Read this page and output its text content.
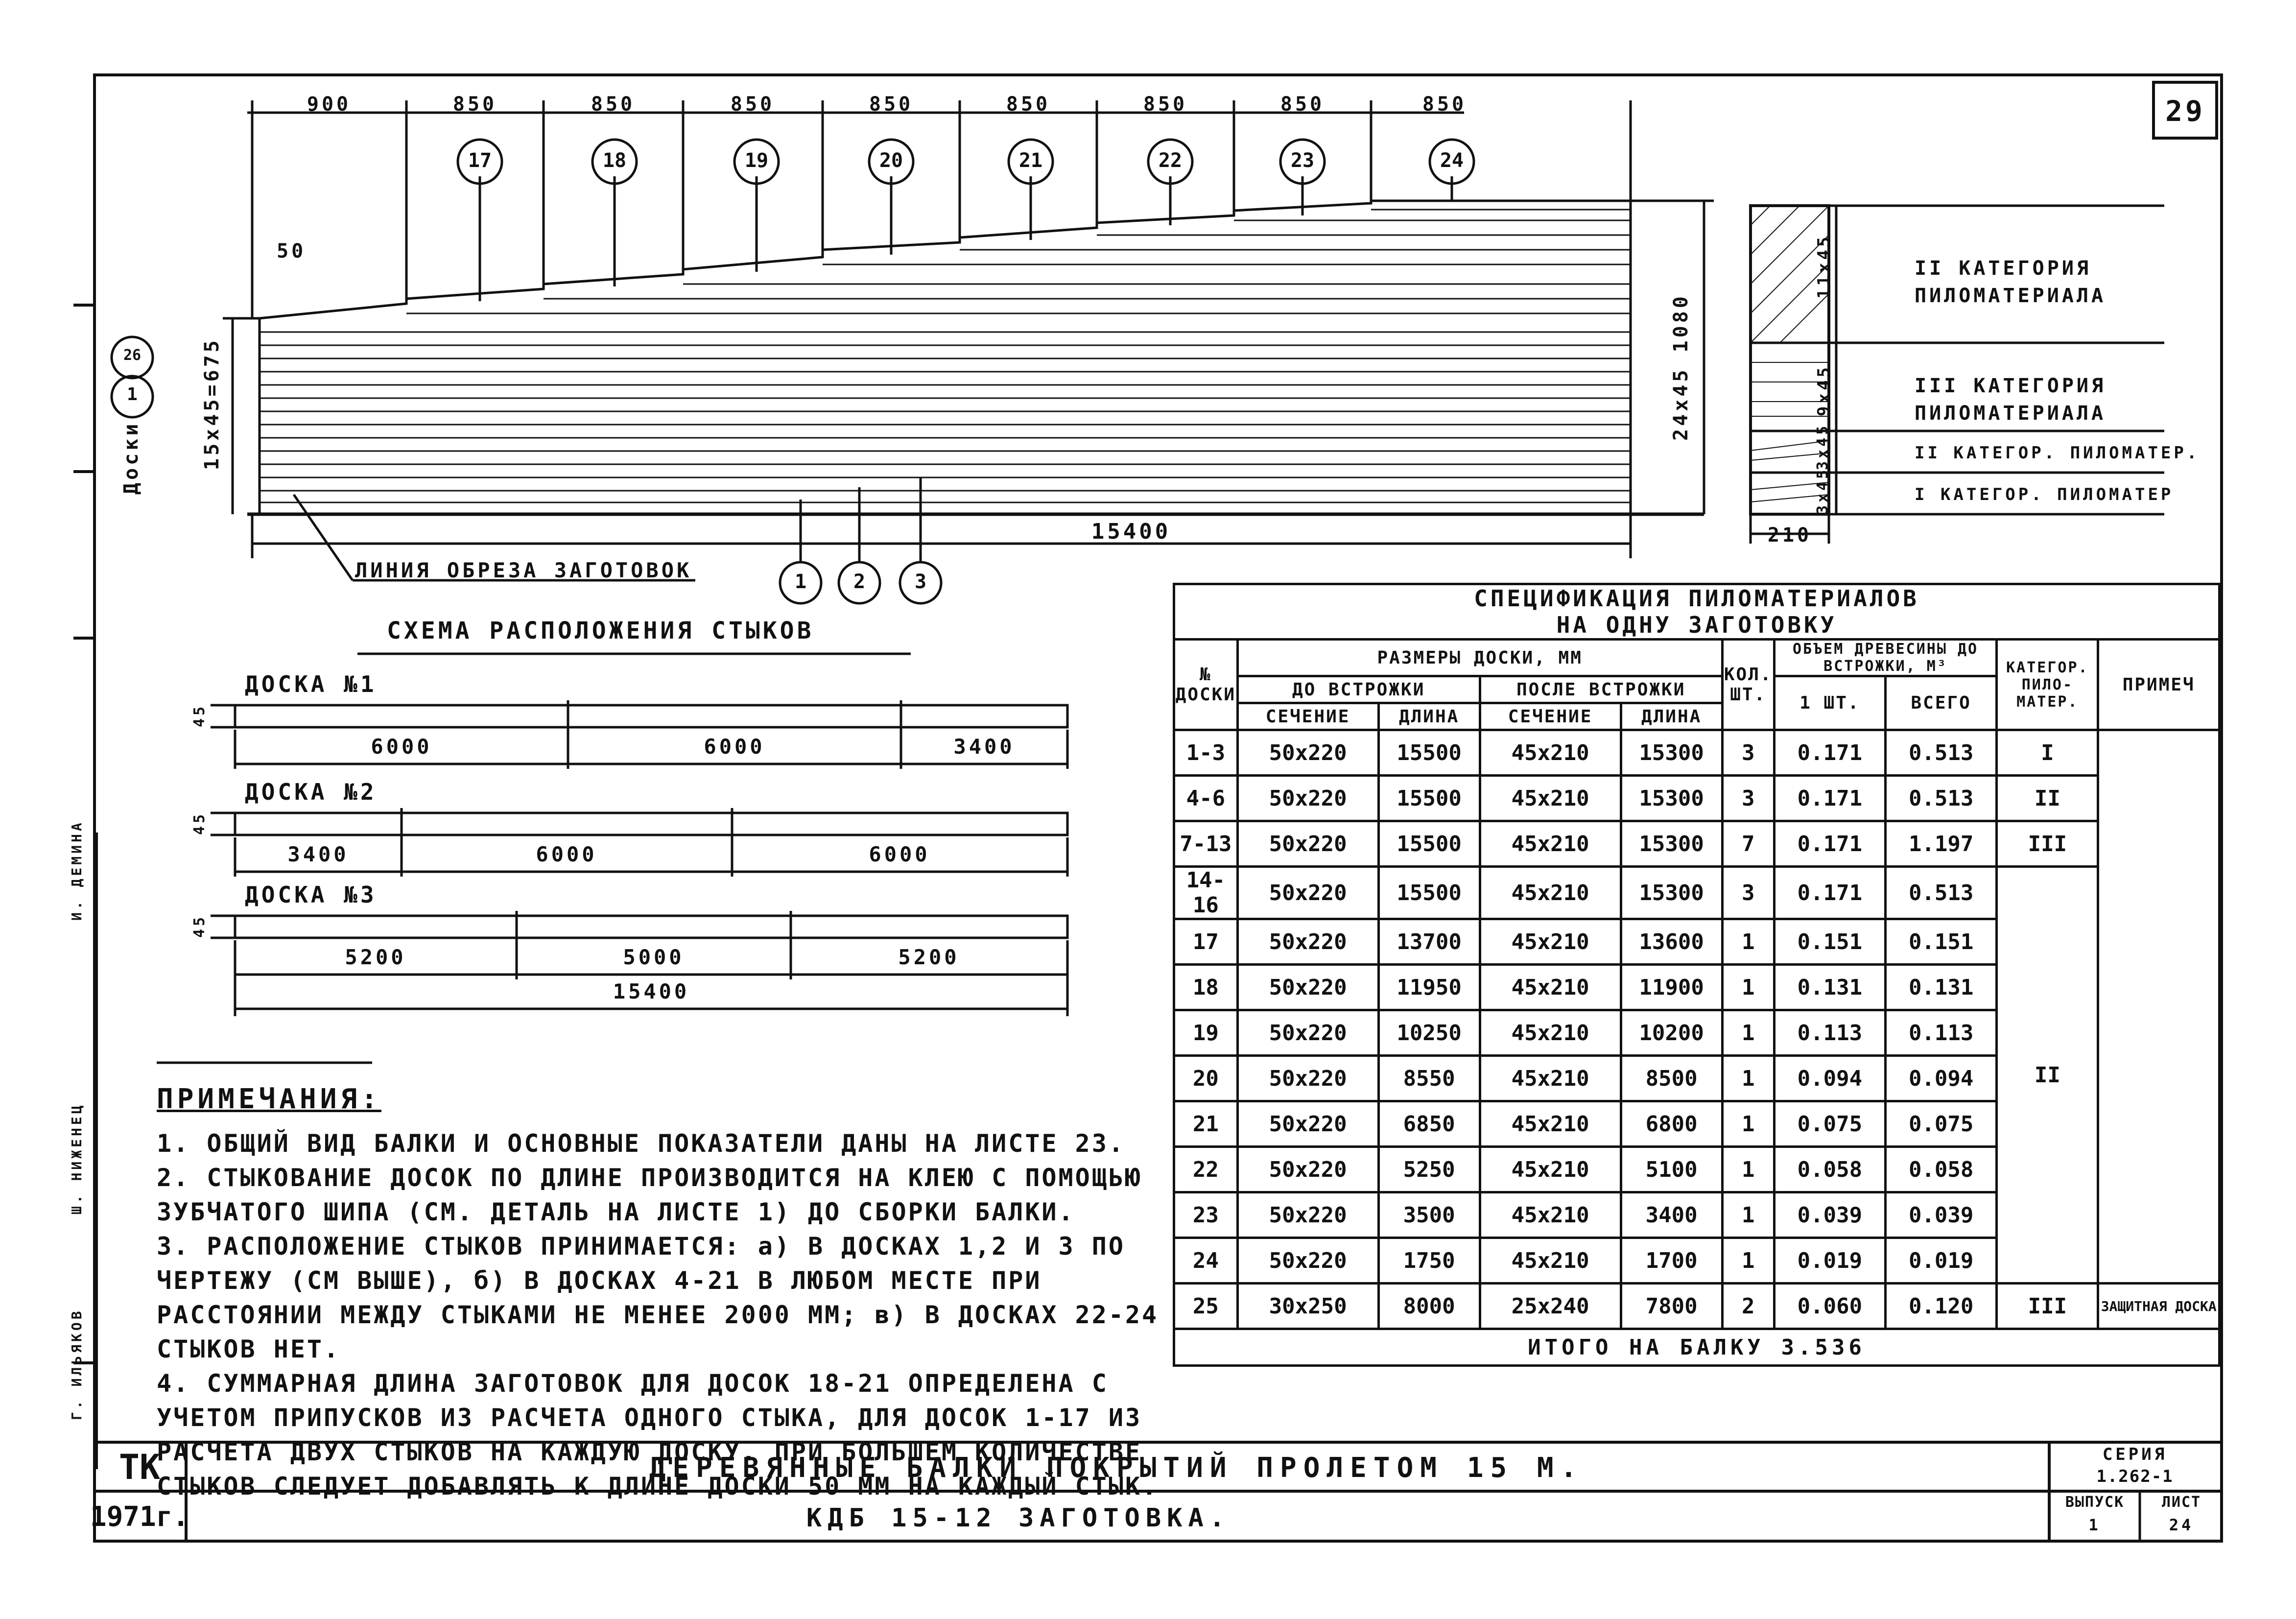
29
И. ДЕМИНА
Ш. НИЖЕНЕЦ
Г. ИЛЬЯКОВ
900	850	850	850	850	850	850	850	850
17	18	19	20	21	22	23	24
50
15x45=675	24x45 1080
15400
Доски
1
26
1 2	3
ЛИНИЯ ОБРЕЗА ЗАГОТОВОК
210
11x45
9x45
3x45
3x45
II КАТЕГОРИЯ ПИЛОМАТЕРИАЛА
III КАТЕГОРИЯ ПИЛОМАТЕРИАЛА
II КАТЕГОР. ПИЛОМАТЕР.
I КАТЕГОР. ПИЛОМАТЕР
СХЕМА РАСПОЛОЖЕНИЯ СТЫКОВ
ДОСКА №1
45
6000	6000	3400
ДОСКА №2
45
3400	6000	6000
ДОСКА №3
45
5200	5000	5200
15400
СПЕЦИФИКАЦИЯ ПИЛОМАТЕРИАЛОВ									
НА ОДНУ ЗАГОТОВКУ									
№ ДОСКИ	РАЗМЕРЫ ДОСКИ, ММ				КОЛ. ШТ.	ОБЪЕМ ДРЕВЕСИНЫ ДО ВСТРОЖКИ, М³		КАТЕГОР. ПИЛО- МАТЕР.	ПРИМЕЧ
	ДО ВСТРОЖКИ		ПОСЛЕ ВСТРОЖКИ			1 ШТ.	ВСЕГО		
	СЕЧЕНИЕ	ДЛИНА	СЕЧЕНИЕ	ДЛИНА					
1-3	50x220	15500	45x210	15300	3	0.171	0.513	I	
4-6	50x220	15500	45x210	15300	3	0.171	0.513	II	
7-13	50x220	15500	45x210	15300	7	0.171	1.197	III	
14-16	50x220	15500	45x210	15300	3	0.171	0.513	II	
17	50x220	13700	45x210	13600	1	0.151	0.151		
18	50x220	11950	45x210	11900	1	0.131	0.131		
19	50x220	10250	45x210	10200	1	0.113	0.113		
20	50x220	8550	45x210	8500	1	0.094	0.094		
21	50x220	6850	45x210	6800	1	0.075	0.075		
22	50x220	5250	45x210	5100	1	0.058	0.058		
23	50x220	3500	45x210	3400	1	0.039	0.039		
24	50x220	1750	45x210	1700	1	0.019	0.019		
25	30x250	8000	25x240	7800	2	0.060	0.120	III	ЗАЩИТНАЯ ДОСКА
ИТОГО НА БАЛКУ 3.536									
ПРИМЕЧАНИЯ:

1. ОБЩИЙ ВИД БАЛКИ И ОСНОВНЫЕ ПОКАЗАТЕЛИ ДАНЫ НА ЛИСТЕ 23.

2. СТЫКОВАНИЕ ДОСОК ПО ДЛИНЕ ПРОИЗВОДИТСЯ НА КЛЕЮ С ПОМОЩЬЮ ЗУБЧАТОГО ШИПА (СМ. ДЕТАЛЬ НА ЛИСТЕ 1) ДО СБОРКИ БАЛКИ.

3. РАСПОЛОЖЕНИЕ СТЫКОВ ПРИНИМАЕТСЯ: а) В ДОСКАХ 1,2 И 3 ПО ЧЕРТЕЖУ (СМ ВЫШЕ), б) В ДОСКАХ 4-21 В ЛЮБОМ МЕСТЕ ПРИ РАССТОЯНИИ МЕЖДУ СТЫКАМИ НЕ МЕНЕЕ 2000 ММ; в) В ДОСКАХ 22-24 СТЫКОВ НЕТ.

4. СУММАРНАЯ ДЛИНА ЗАГОТОВОК ДЛЯ ДОСОК 18-21 ОПРЕДЕЛЕНА С УЧЕТОМ ПРИПУСКОВ ИЗ РАСЧЕТА ОДНОГО СТЫКА, ДЛЯ ДОСОК 1-17 ИЗ РАСЧЕТА ДВУХ СТЫКОВ НА КАЖДУЮ ДОСКУ. ПРИ БОЛЬШЕМ КОЛИЧЕСТВЕ СТЫКОВ СЛЕДУЕТ ДОБАВЛЯТЬ К ДЛИНЕ ДОСКИ 50 ММ НА КАЖДЫЙ СТЫК.

ТК
1971г.
ДЕРЕВЯННЫЕ БАЛКИ ПОКРЫТИЙ ПРОЛЕТОМ 15 М.
КДБ 15-12 ЗАГОТОВКА.
СЕРИЯ
1.262-1
ВЫПУСК
1
ЛИСТ
24
